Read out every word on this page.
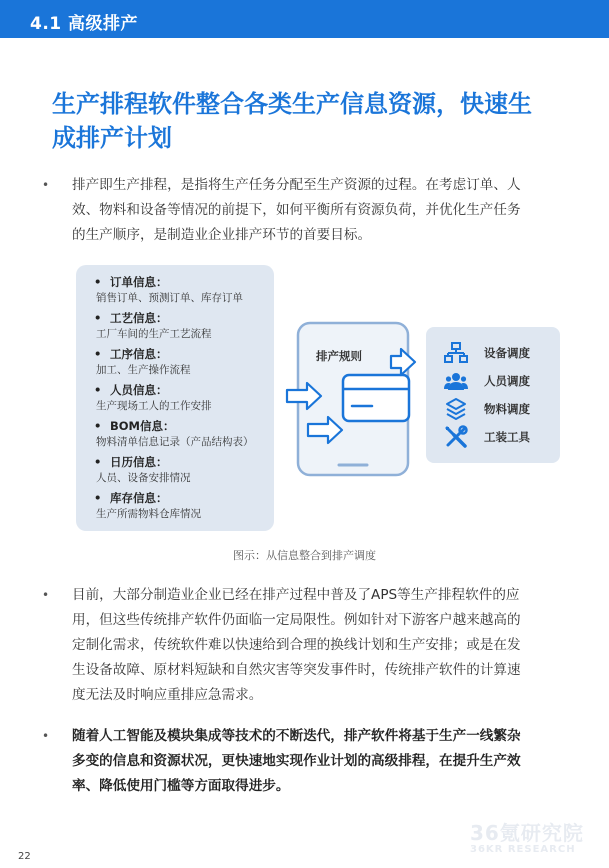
4.1 高级排产
生产排程软件整合各类生产信息资源，快速生
成排产计划
• 排产即生产排程，是指将生产任务分配至生产资源的过程。在考虑订单、人
效、物料和设备等情况的前提下，如何平衡所有资源负荷，并优化生产任务
的生产顺序，是制造业企业排产环节的首要目标。
• 订单信息：
销售订单、预测订单、库存订单
• 工艺信息：
工厂车间的生产工艺流程
• 工序信息：
加工、生产操作流程
• 人员信息：
生产现场工人的工作安排
• BOM信息：
物料清单信息记录（产品结构表）
• 日历信息：
人员、设备安排情况
• 库存信息：
生产所需物料仓库情况
排产规则	设备调度
人员调度
物料调度
工装工具
图示：从信息整合到排产调度
• 目前，大部分制造业企业已经在排产过程中普及了APS等生产排程软件的应
用，但这些传统排产软件仍面临一定局限性。例如针对下游客户越来越高的
定制化需求，传统软件难以快速给到合理的换线计划和生产安排；或是在发
生设备故障、原材料短缺和自然灾害等突发事件时，传统排产软件的计算速
度无法及时响应重排应急需求。
• 随着人工智能及模块集成等技术的不断迭代，排产软件将基于生产一线繁杂
多变的信息和资源状况，更快速地实现作业计划的高级排程，在提升生产效
率、降低使用门槛等方面取得进步。
36氪研究院
36KR RESEARCH
22
